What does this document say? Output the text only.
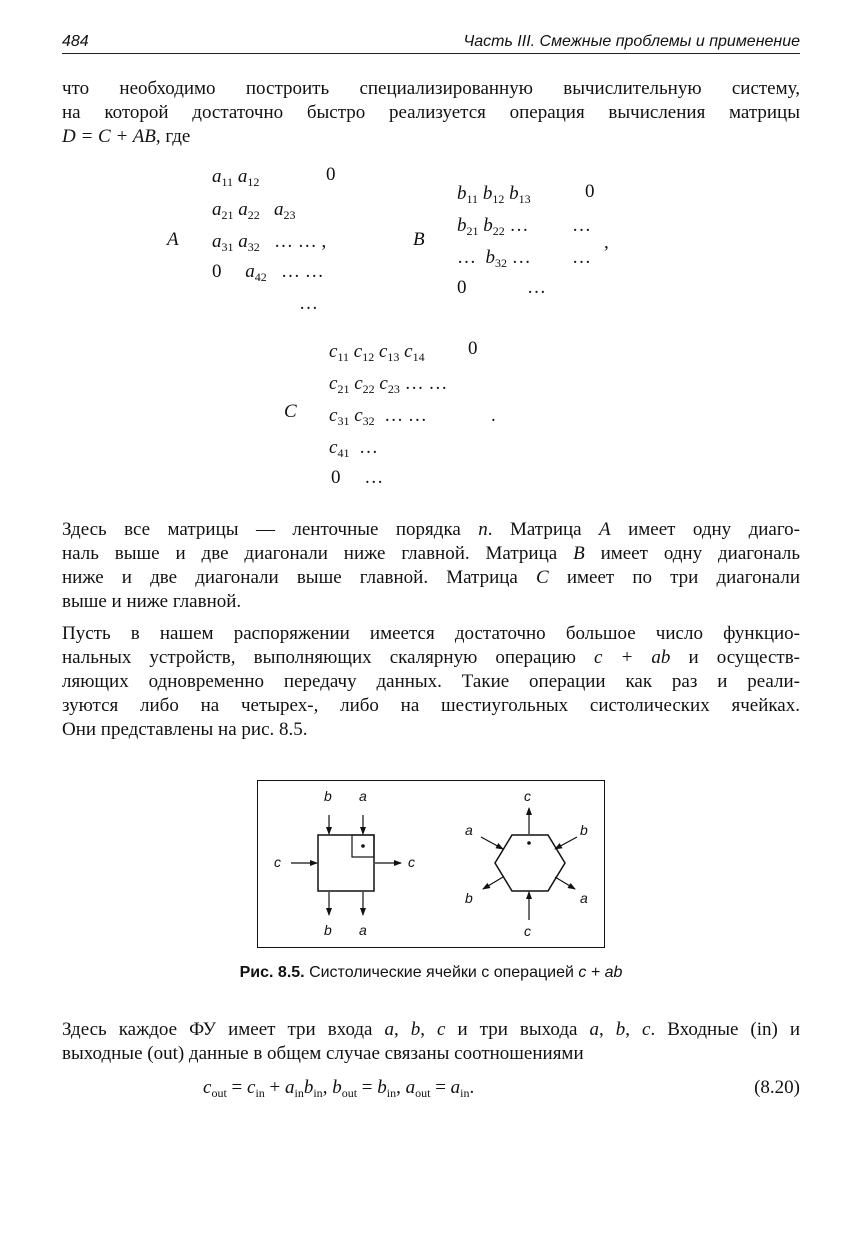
484	Часть III. Смежные проблемы и применение
что необходимо построить специализированную вычислительную систему,
на которой достаточно быстро реализуется операция вычисления матрицы
D = C + AB, где
A
$a_{11}$ $a_{12}$	0
$a_{21}$ $a_{22}$ $a_{23}$
$a_{31}$ $a_{32}$ … … ,
0 $a_{42}$ … …
…
B
$b_{11}$ $b_{12}$ $b_{13}$	0
$b_{21}$ $b_{22}$ … …
,
… $b_{32}$ … …
0	…
C
$c_{11}$ $c_{12}$ $c_{13}$ $c_{14}$ 0
$c_{21}$ $c_{22}$ $c_{23}$ … …
$c_{31}$ $c_{32}$ … …	.
$c_{41}$ …
0 …
Здесь все матрицы — ленточные порядка n. Матрица A имеет одну диаго-
наль выше и две диагонали ниже главной. Матрица B имеет одну диагональ
ниже и две диагонали выше главной. Матрица C имеет по три диагонали
выше и ниже главной.
Пусть в нашем распоряжении имеется достаточно большое число функцио-
нальных устройств, выполняющих скалярную операцию c + ab и осуществ-
ляющих одновременно передачу данных. Такие операции как раз и реали-
зуются либо на четырех-, либо на шестиугольных систолических ячейках.
Они представлены на рис. 8.5.
b a
c	c
b a
c
a	b
b	a
c
Рис. 8.5. Систолические ячейки с операцией c + ab
Здесь каждое ФУ имеет три входа a, b, c и три выхода a, b, c. Входные (in) и
выходные (out) данные в общем случае связаны соотношениями
$c_{out} = c_{in} + a_{in}b_{in}$, $b_{out} = b_{in}$, $a_{out} = a_{in}$.	(8.20)
